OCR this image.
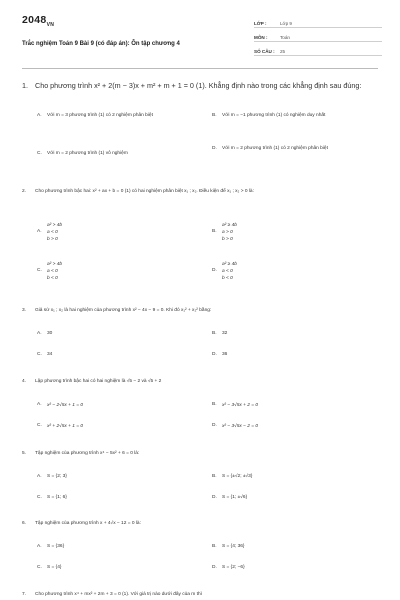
$2048_{VN}$
Trắc nghiệm Toán 9 Bài 9 (có đáp án): Ôn tập chương 4
LỚP :	Lớp 9
MÔN :	Toán
SỐ CÂU :	25
1. Cho phương trình x² + 2(m − 3)x + m² + m + 1 = 0 (1). Khẳng định nào trong các khẳng định sau đúng:
A. Với m = 3 phương trình (1) có 2 nghiệm phân biệt	B. Với m = −1 phương trình (1) có nghiệm duy nhất
C. Với m = 2 phương trình (1) vô nghiệm
D. Với m = 2 phương trình (1) có 2 nghiệm phân biệt
2. Cho phương trình bậc hai: x² + ax + b = 0 (1) có hai nghiệm phân biệt x₁ ; x₂. Điều kiện để x₁ ; x₂ > 0 là:
A.
a² > 4b
a < 0
b > 0
B.
a² ≥ 4b
a > 0
b > 0
C.
a² > 4b
a < 0
b < 0
D.
a² ≥ 4b
a < 0
b < 0
3. Giả sử x₁ ; x₂ là hai nghiệm của phương trình x² − 4x − 9 = 0. Khi đó x₁² + x₂² bằng:
A. 30	B. 32
C. 34	D. 36
4. Lập phương trình bậc hai có hai nghiệm là √5 − 2 và √5 + 2
A. x² − 2√5x + 1 = 0	B. x² − 3√5x + 2 = 0
C. x² + 2√5x + 1 = 0	D. x² − 3√5x − 2 = 0
5. Tập nghiệm của phương trình x⁴ − 5x² + 6 = 0 là:
A. S = {2; 3}	B. S = {±√2; ±√3}
C. S = {1; 6}	D. S = {1; ±√6}
6. Tập nghiệm của phương trình x + 4√x − 12 = 0 là:
A. S = {36}	B. S = {4; 36}
C. S = {4}	D. S = {2; −6}
7. Cho phương trình x⁴ + mx² + 2m + 3 = 0 (1). Với giá trị nào dưới đây của m thì
